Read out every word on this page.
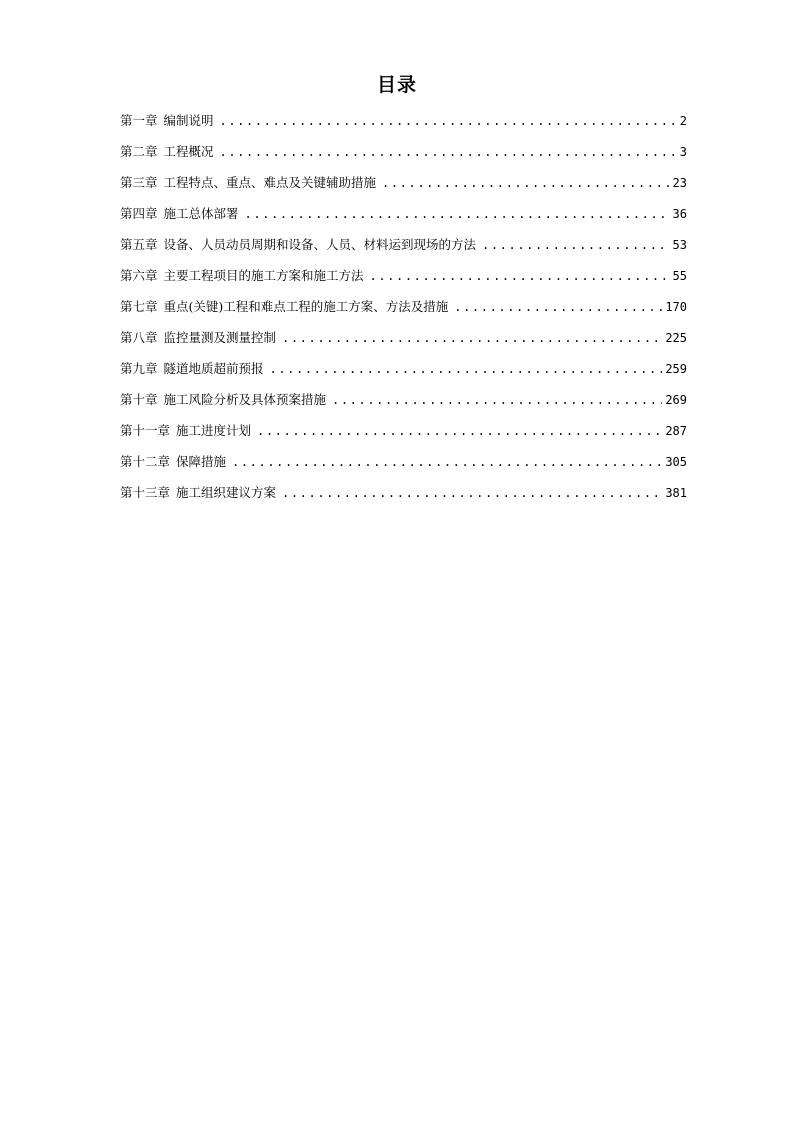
目录
第一章 编制说明 .....	2
第二章 工程概况 .....	3
第三章 工程特点、重点、难点及关键辅助措施 .....	23
第四章 施工总体部署 .....	36
第五章 设备、人员动员周期和设备、人员、材料运到现场的方法 .....	53
第六章 主要工程项目的施工方案和施工方法 .....	55
第七章 重点(关键)工程和难点工程的施工方案、方法及措施 .....	170
第八章 监控量测及测量控制 .....	225
第九章 隧道地质超前预报 .....	259
第十章 施工风险分析及具体预案措施 .....	269
第十一章 施工进度计划 .....	287
第十二章 保障措施 .....	305
第十三章 施工组织建议方案 .....	381
